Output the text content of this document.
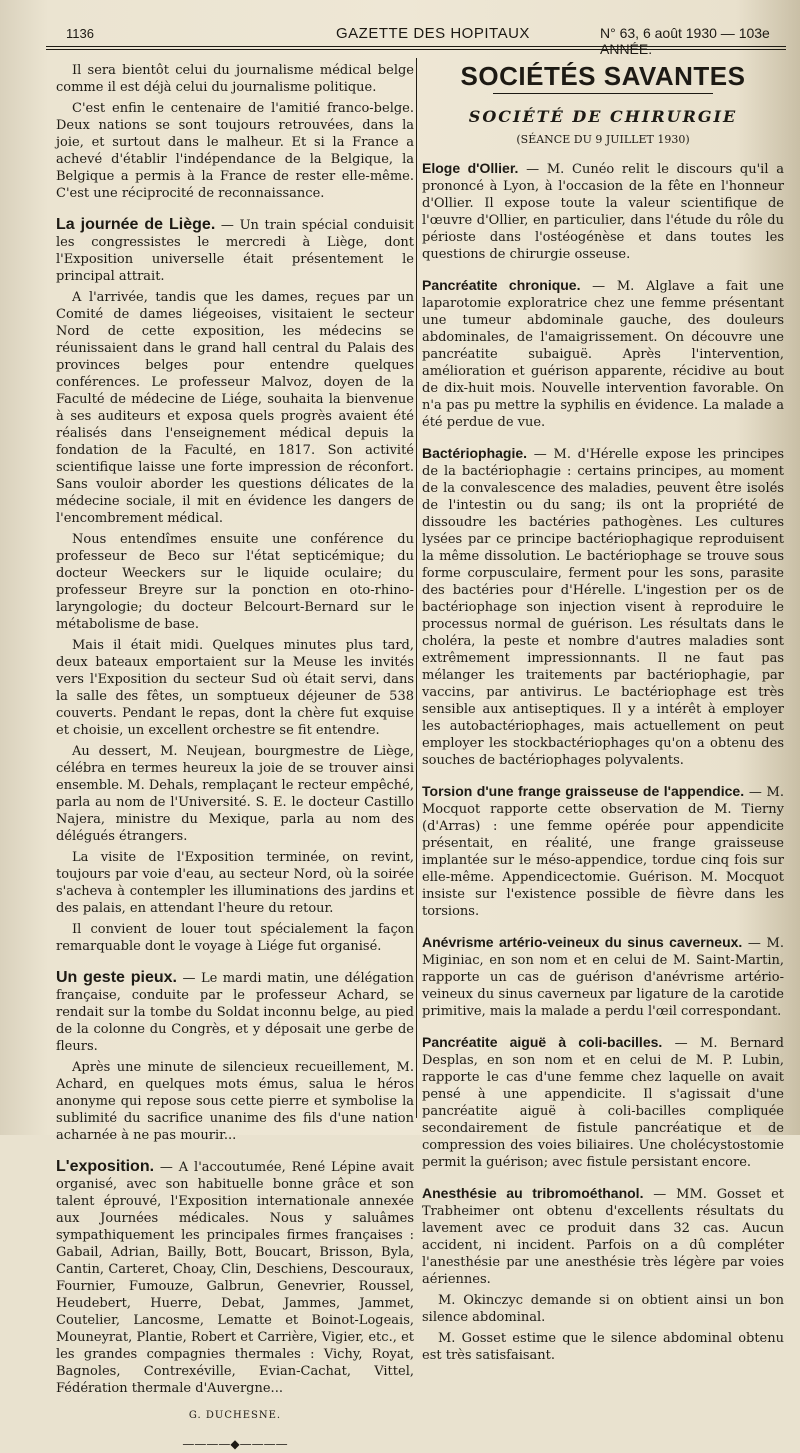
1136	GAZETTE DES HOPITAUX	N° 63, 6 août 1930 — 103e ANNÉE.

Il sera bientôt celui du journalisme médical belge comme il est déjà celui du journalisme politique.

C'est enfin le centenaire de l'amitié franco-belge. Deux nations se sont toujours retrouvées, dans la joie, et surtout dans le malheur. Et si la France a achevé d'établir l'indépendance de la Belgique, la Belgique a permis à la France de rester elle-même. C'est une réciprocité de reconnaissance.

La journée de Liège. — Un train spécial conduisit les congressistes le mercredi à Liège, dont l'Exposition universelle était présentement le principal attrait.

A l'arrivée, tandis que les dames, reçues par un Comité de dames liégeoises, visitaient le secteur Nord de cette exposition, les médecins se réunissaient dans le grand hall central du Palais des provinces belges pour entendre quelques conférences. Le professeur Malvoz, doyen de la Faculté de médecine de Liége, souhaita la bienvenue à ses auditeurs et exposa quels progrès avaient été réalisés dans l'enseignement médical depuis la fondation de la Faculté, en 1817. Son activité scientifique laisse une forte impression de réconfort. Sans vouloir aborder les questions délicates de la médecine sociale, il mit en évidence les dangers de l'encombrement médical.

Nous entendîmes ensuite une conférence du professeur de Beco sur l'état septicémique; du docteur Weeckers sur le liquide oculaire; du professeur Breyre sur la ponction en oto-rhino-laryngologie; du docteur Belcourt-Bernard sur le métabolisme de base.

Mais il était midi. Quelques minutes plus tard, deux bateaux emportaient sur la Meuse les invités vers l'Exposition du secteur Sud où était servi, dans la salle des fêtes, un somptueux déjeuner de 538 couverts. Pendant le repas, dont la chère fut exquise et choisie, un excellent orchestre se fit entendre.

Au dessert, M. Neujean, bourgmestre de Liège, célébra en termes heureux la joie de se trouver ainsi ensemble. M. Dehals, remplaçant le recteur empêché, parla au nom de l'Université. S. E. le docteur Castillo Najera, ministre du Mexique, parla au nom des délégués étrangers.

La visite de l'Exposition terminée, on revint, toujours par voie d'eau, au secteur Nord, où la soirée s'acheva à contempler les illuminations des jardins et des palais, en attendant l'heure du retour.

Il convient de louer tout spécialement la façon remarquable dont le voyage à Liége fut organisé.

Un geste pieux. — Le mardi matin, une délégation française, conduite par le professeur Achard, se rendait sur la tombe du Soldat inconnu belge, au pied de la colonne du Congrès, et y déposait une gerbe de fleurs.

Après une minute de silencieux recueillement, M. Achard, en quelques mots émus, salua le héros anonyme qui repose sous cette pierre et symbolise la sublimité du sacrifice unanime des fils d'une nation acharnée à ne pas mourir...

L'exposition. — A l'accoutumée, René Lépine avait organisé, avec son habituelle bonne grâce et son talent éprouvé, l'Exposition internationale annexée aux Journées médicales. Nous y saluâmes sympathiquement les principales firmes françaises : Gabail, Adrian, Bailly, Bott, Boucart, Brisson, Byla, Cantin, Carteret, Choay, Clin, Deschiens, Descouraux, Fournier, Fumouze, Galbrun, Genevrier, Roussel, Heudebert, Huerre, Debat, Jammes, Jammet, Coutelier, Lancosme, Lematte et Boinot-Logeais, Mouneyrat, Plantie, Robert et Carrière, Vigier, etc., et les grandes compagnies thermales : Vichy, Royat, Bagnoles, Contrexéville, Evian-Cachat, Vittel, Fédération thermale d'Auvergne...

G. DUCHESNE.
————◆————
SOCIÉTÉS SAVANTES
SOCIÉTÉ DE CHIRURGIE
(SÉANCE DU 9 JUILLET 1930)

Eloge d'Ollier. — M. Cunéo relit le discours qu'il a prononcé à Lyon, à l'occasion de la fête en l'honneur d'Ollier. Il expose toute la valeur scientifique de l'œuvre d'Ollier, en particulier, dans l'étude du rôle du périoste dans l'ostéogénèse et dans toutes les questions de chirurgie osseuse.

Pancréatite chronique. — M. Alglave a fait une laparotomie exploratrice chez une femme présentant une tumeur abdominale gauche, des douleurs abdominales, de l'amaigrissement. On découvre une pancréatite subaiguë. Après l'intervention, amélioration et guérison apparente, récidive au bout de dix-huit mois. Nouvelle intervention favorable. On n'a pas pu mettre la syphilis en évidence. La malade a été perdue de vue.

Bactériophagie. — M. d'Hérelle expose les principes de la bactériophagie : certains principes, au moment de la convalescence des maladies, peuvent être isolés de l'intestin ou du sang; ils ont la propriété de dissoudre les bactéries pathogènes. Les cultures lysées par ce principe bactériophagique reproduisent la même dissolution. Le bactériophage se trouve sous forme corpusculaire, ferment pour les sons, parasite des bactéries pour d'Hérelle. L'ingestion per os de bactériophage son injection visent à reproduire le processus normal de guérison. Les résultats dans le choléra, la peste et nombre d'autres maladies sont extrêmement impressionnants. Il ne faut pas mélanger les traitements par bactériophagie, par vaccins, par antivirus. Le bactériophage est très sensible aux antiseptiques. Il y a intérêt à employer les autobactériophages, mais actuellement on peut employer les stockbactériophages qu'on a obtenu des souches de bactériophages polyvalents.

Torsion d'une frange graisseuse de l'appendice. — M. Mocquot rapporte cette observation de M. Tierny (d'Arras) : une femme opérée pour appendicite présentait, en réalité, une frange graisseuse implantée sur le méso-appendice, tordue cinq fois sur elle-même. Appendicectomie. Guérison. M. Mocquot insiste sur l'existence possible de fièvre dans les torsions.

Anévrisme artério-veineux du sinus caverneux. — M. Miginiac, en son nom et en celui de M. Saint-Martin, rapporte un cas de guérison d'anévrisme artério-veineux du sinus caverneux par ligature de la carotide primitive, mais la malade a perdu l'œil correspondant.

Pancréatite aiguë à coli-bacilles. — M. Bernard Desplas, en son nom et en celui de M. P. Lubin, rapporte le cas d'une femme chez laquelle on avait pensé à une appendicite. Il s'agissait d'une pancréatite aiguë à coli-bacilles compliquée secondairement de fistule pancréatique et de compression des voies biliaires. Une cholécystostomie permit la guérison; avec fistule persistant encore.

Anesthésie au tribromoéthanol. — MM. Gosset et Trabheimer ont obtenu d'excellents résultats du lavement avec ce produit dans 32 cas. Aucun accident, ni incident. Parfois on a dû compléter l'anesthésie par une anesthésie très légère par voies aériennes.

M. Okinczyc demande si on obtient ainsi un bon silence abdominal.

M. Gosset estime que le silence abdominal obtenu est très satisfaisant.
